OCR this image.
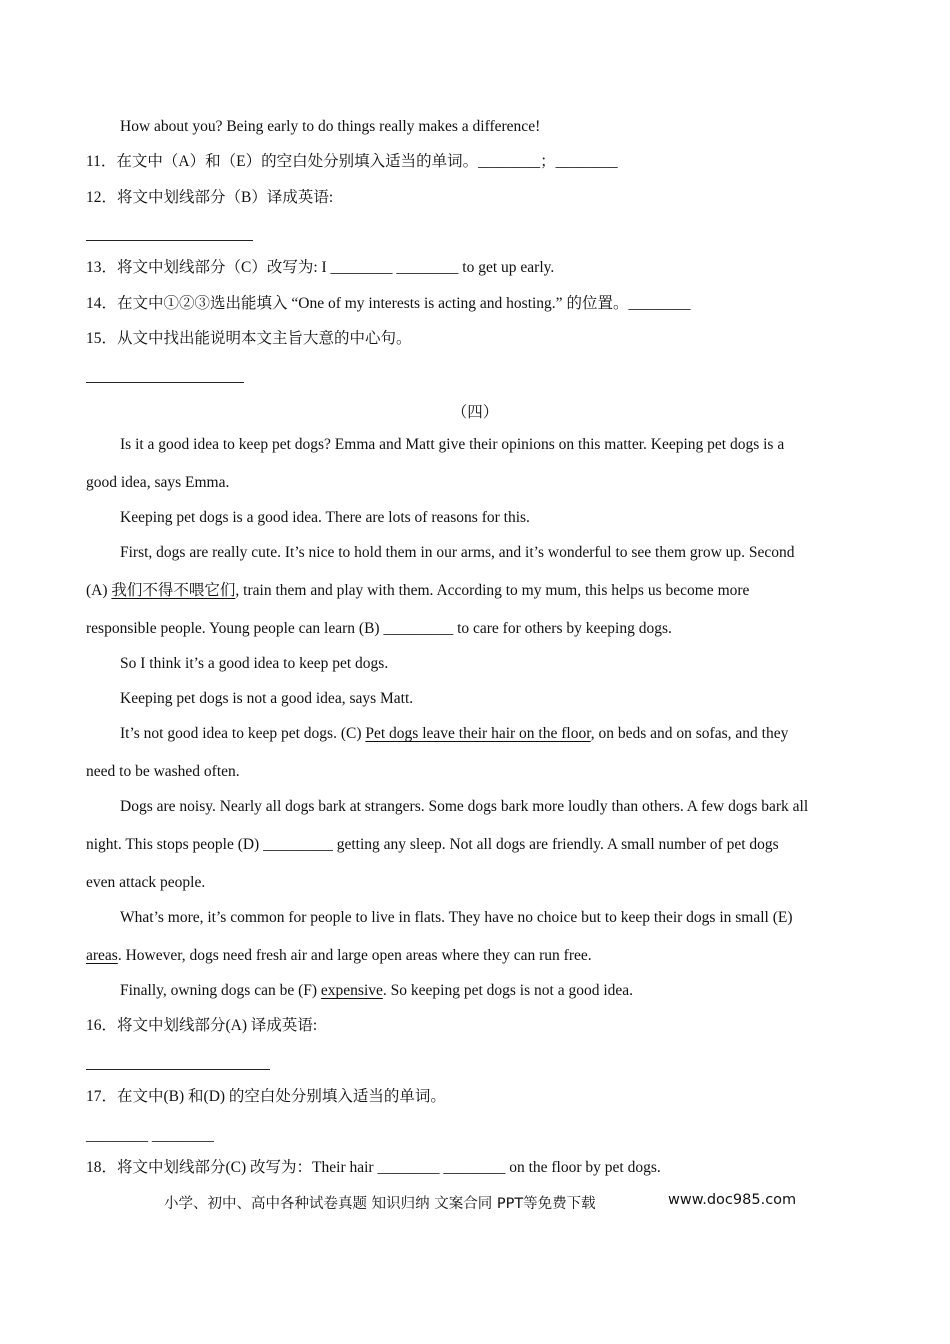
How about you? Being early to do things really makes a difference!
11．在文中（A）和（E）的空白处分别填入适当的单词。________；________
12．将文中划线部分（B）译成英语:
13．将文中划线部分（C）改写为: I ________ ________ to get up early.
14．在文中①②③选出能填入 “One of my interests is acting and hosting.” 的位置。________
15．从文中找出能说明本文主旨大意的中心句。
（四）
Is it a good idea to keep pet dogs? Emma and Matt give their opinions on this matter. Keeping pet dogs is a
good idea, says Emma.
Keeping pet dogs is a good idea. There are lots of reasons for this.
First, dogs are really cute. It’s nice to hold them in our arms, and it’s wonderful to see them grow up. Second
(A) 我们不得不喂它们, train them and play with them. According to my mum, this helps us become more
responsible people. Young people can learn (B) _________ to care for others by keeping dogs.
So I think it’s a good idea to keep pet dogs.
Keeping pet dogs is not a good idea, says Matt.
It’s not good idea to keep pet dogs. (C) Pet dogs leave their hair on the floor, on beds and on sofas, and they
need to be washed often.
Dogs are noisy. Nearly all dogs bark at strangers. Some dogs bark more loudly than others. A few dogs bark all
night. This stops people (D) _________ getting any sleep. Not all dogs are friendly. A small number of pet dogs
even attack people.
What’s more, it’s common for people to live in flats. They have no choice but to keep their dogs in small (E)
areas. However, dogs need fresh air and large open areas where they can run free.
Finally, owning dogs can be (F) expensive. So keeping pet dogs is not a good idea.
16．将文中划线部分(A) 译成英语:
17．在文中(B) 和(D) 的空白处分别填入适当的单词。
________ ________
18．将文中划线部分(C) 改写为：Their hair ________ ________ on the floor by pet dogs.
小学、初中、高中各种试卷真题 知识归纳 文案合同 PPT等免费下载	www.doc985.com
